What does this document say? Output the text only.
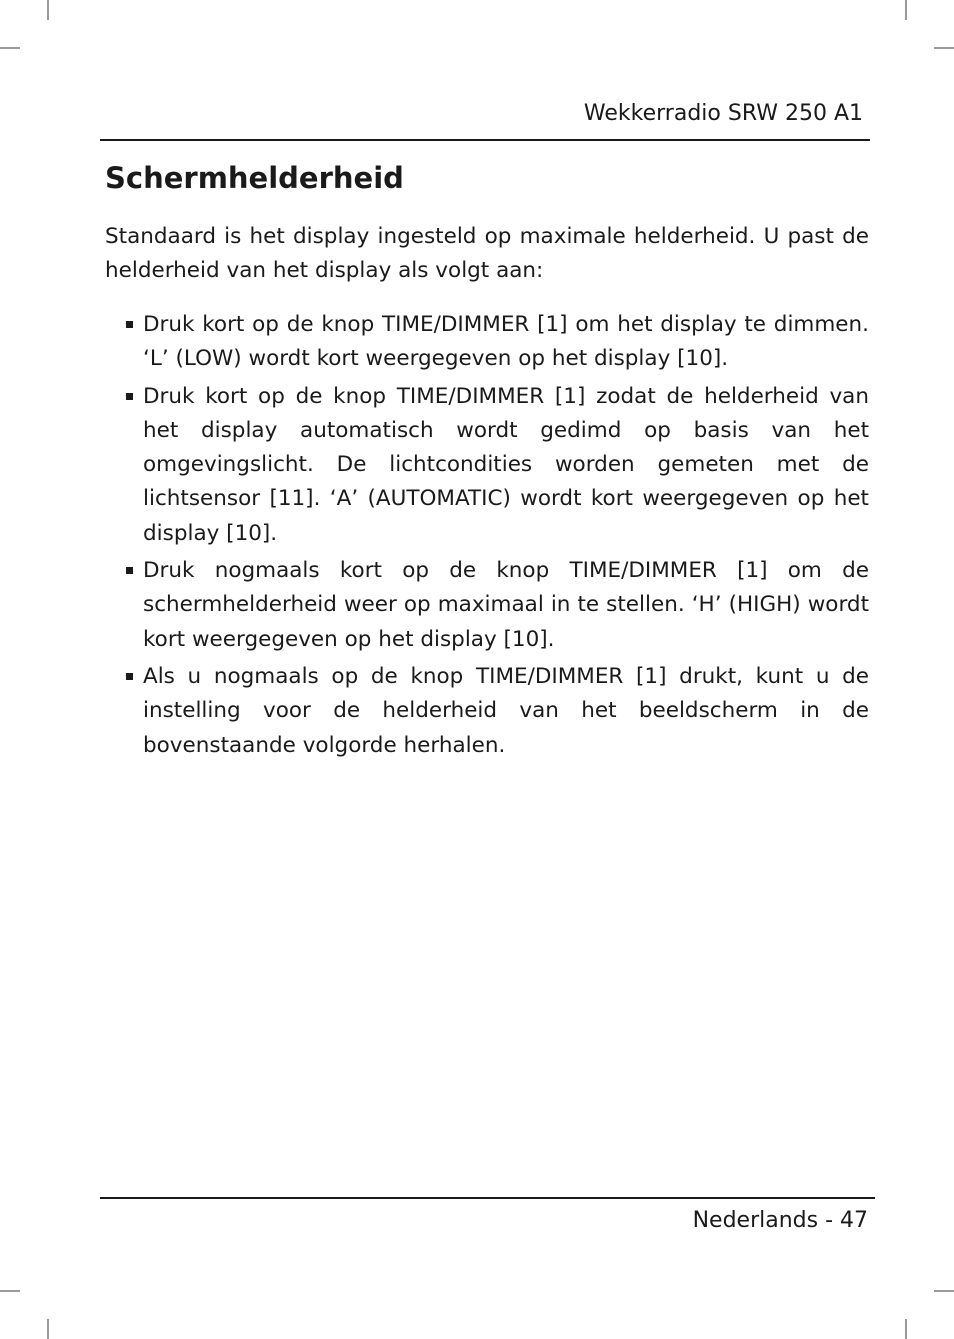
Wekkerradio SRW 250 A1
Schermhelderheid

Standaard is het display ingesteld op maximale helderheid. U past de helderheid van het display als volgt aan:

Druk kort op de knop TIME/DIMMER [1] om het display te dimmen. ‘L’ (LOW) wordt kort weergegeven op het display [10].
Druk kort op de knop TIME/DIMMER [1] zodat de helderheid van het display automatisch wordt gedimd op basis van het omgevingslicht. De lichtcondities worden gemeten met de lichtsensor [11]. ‘A’ (AUTOMATIC) wordt kort weergegeven op het display [10].
Druk nogmaals kort op de knop TIME/DIMMER [1] om de schermhelderheid weer op maximaal in te stellen. ‘H’ (HIGH) wordt kort weergegeven op het display [10].
Als u nogmaals op de knop TIME/DIMMER [1] drukt, kunt u de instelling voor de helderheid van het beeldscherm in de bovenstaande volgorde herhalen.
Nederlands - 47
